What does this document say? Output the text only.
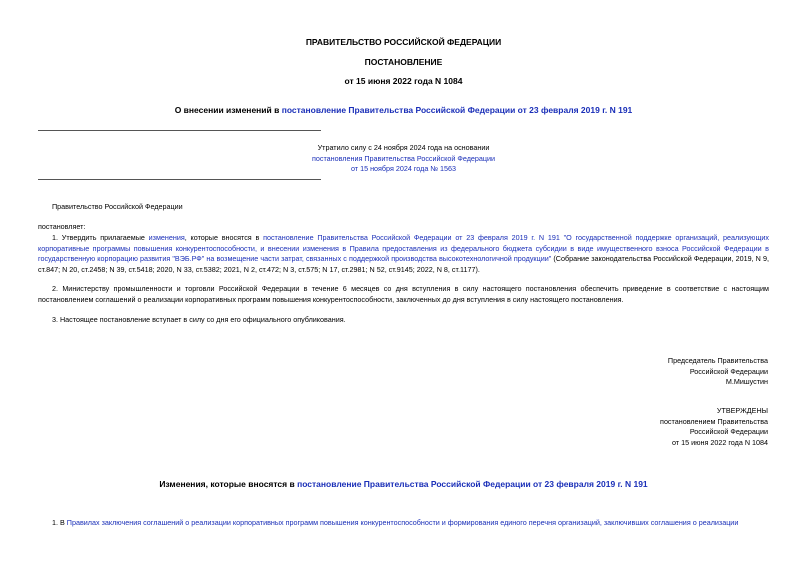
ПРАВИТЕЛЬСТВО РОССИЙСКОЙ ФЕДЕРАЦИИ
ПОСТАНОВЛЕНИЕ
от 15 июня 2022 года N 1084
О внесении изменений в постановление Правительства Российской Федерации от 23 февраля 2019 г. N 191
Утратило силу с 24 ноября 2024 года на основании
постановления Правительства Российской Федерации
от 15 ноября 2024 года № 1563
Правительство Российской Федерации
постановляет:
1. Утвердить прилагаемые изменения, которые вносятся в постановление Правительства Российской Федерации от 23 февраля 2019 г. N 191 "О государственной поддержке организаций, реализующих корпоративные программы повышения конкурентоспособности, и внесении изменения в Правила предоставления из федерального бюджета субсидии в виде имущественного взноса Российской Федерации в государственную корпорацию развития "ВЭБ.РФ" на возмещение части затрат, связанных с поддержкой производства высокотехнологичной продукции" (Собрание законодательства Российской Федерации, 2019, N 9, ст.847; N 20, ст.2458; N 39, ст.5418; 2020, N 33, ст.5382; 2021, N 2, ст.472; N 3, ст.575; N 17, ст.2981; N 52, ст.9145; 2022, N 8, ст.1177).
2. Министерству промышленности и торговли Российской Федерации в течение 6 месяцев со дня вступления в силу настоящего постановления обеспечить приведение в соответствие с настоящим постановлением соглашений о реализации корпоративных программ повышения конкурентоспособности, заключенных до дня вступления в силу настоящего постановления.
3. Настоящее постановление вступает в силу со дня его официального опубликования.
Председатель Правительства
Российской Федерации
М.Мишустин
УТВЕРЖДЕНЫ
постановлением Правительства
Российской Федерации
от 15 июня 2022 года N 1084
Изменения, которые вносятся в постановление Правительства Российской Федерации от 23 февраля 2019 г. N 191
1. В Правилах заключения соглашений о реализации корпоративных программ повышения конкурентоспособности и формирования единого перечня организаций, заключивших соглашения о реализации
